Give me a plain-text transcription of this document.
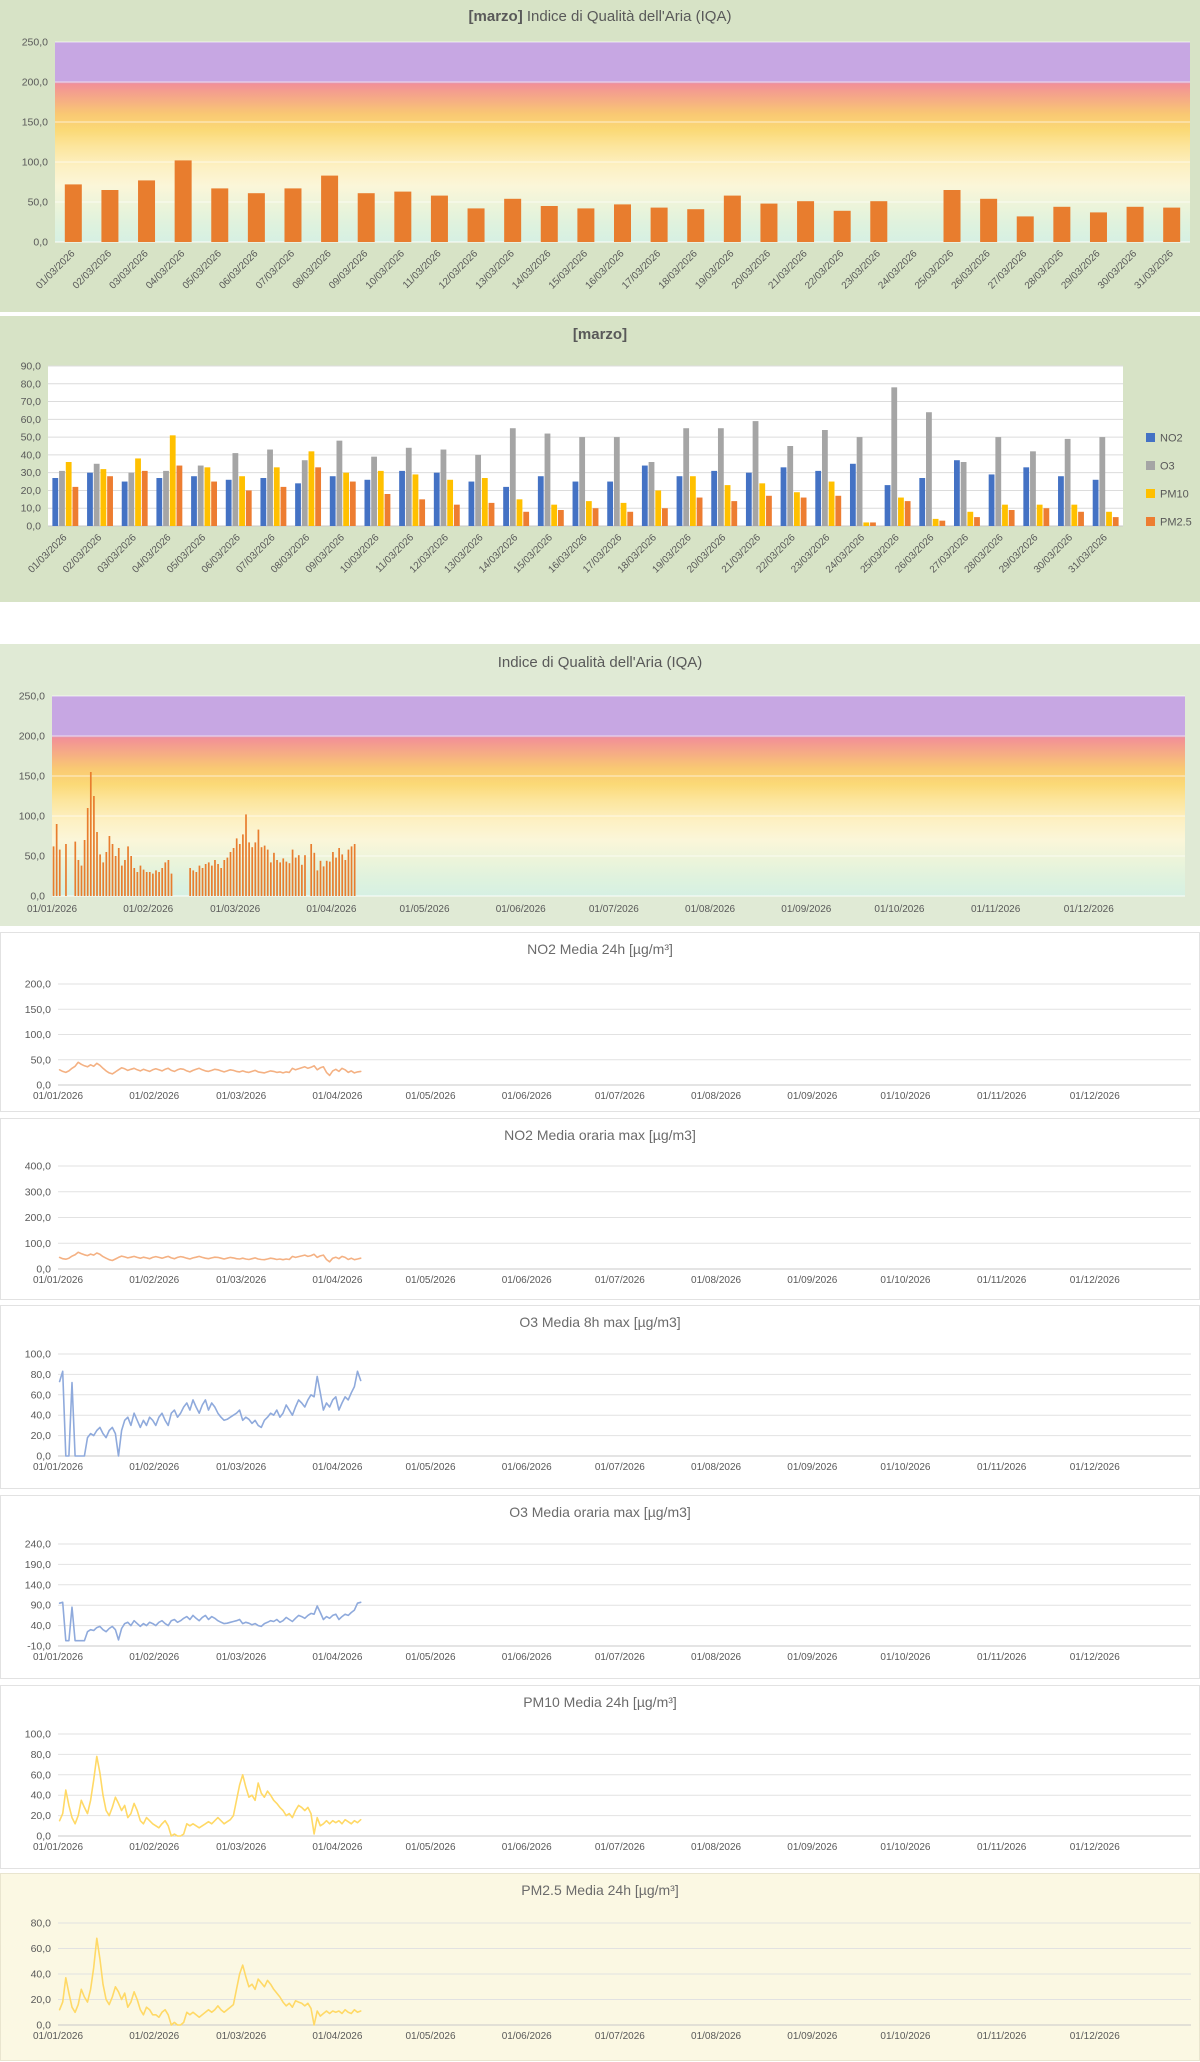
[marzo] Indice di Qualità dell'Aria (IQA)
0,0
50,0
100,0
150,0
200,0
250,0
01/03/2026
02/03/2026
03/03/2026
04/03/2026
05/03/2026
06/03/2026
07/03/2026
08/03/2026
09/03/2026
10/03/2026
11/03/2026
12/03/2026
13/03/2026
14/03/2026
15/03/2026
16/03/2026
17/03/2026
18/03/2026
19/03/2026
20/03/2026
21/03/2026
22/03/2026
23/03/2026
24/03/2026
25/03/2026
26/03/2026
27/03/2026
28/03/2026
29/03/2026
30/03/2026
31/03/2026
[marzo]
0,0
10,0
20,0
30,0
40,0
50,0
60,0
70,0
80,0
90,0
01/03/2026
02/03/2026
03/03/2026
04/03/2026
05/03/2026
06/03/2026
07/03/2026
08/03/2026
09/03/2026
10/03/2026
11/03/2026
12/03/2026
13/03/2026
14/03/2026
15/03/2026
16/03/2026
17/03/2026
18/03/2026
19/03/2026
20/03/2026
21/03/2026
22/03/2026
23/03/2026
24/03/2026
25/03/2026
26/03/2026
27/03/2026
28/03/2026
29/03/2026
30/03/2026
31/03/2026
NO2
O3
PM10
PM2.5
Indice di Qualità dell'Aria (IQA)
0,0
50,0
100,0
150,0
200,0
250,0
01/01/2026	01/02/2026	01/03/2026	01/04/2026	01/05/2026	01/06/2026	01/07/2026	01/08/2026	01/09/2026	01/10/2026	01/11/2026	01/12/2026
NO2 Media 24h [µg/m³]
0,0
50,0
100,0
150,0
200,0
01/01/2026	01/02/2026	01/03/2026	01/04/2026	01/05/2026	01/06/2026	01/07/2026	01/08/2026	01/09/2026	01/10/2026	01/11/2026	01/12/2026
NO2 Media oraria max [µg/m3]
0,0
100,0
200,0
300,0
400,0
01/01/2026	01/02/2026	01/03/2026	01/04/2026	01/05/2026	01/06/2026	01/07/2026	01/08/2026	01/09/2026	01/10/2026	01/11/2026	01/12/2026
O3 Media 8h max [µg/m3]
0,0
20,0
40,0
60,0
80,0
100,0
01/01/2026	01/02/2026	01/03/2026	01/04/2026	01/05/2026	01/06/2026	01/07/2026	01/08/2026	01/09/2026	01/10/2026	01/11/2026	01/12/2026
O3 Media oraria max [µg/m3]
-10,0
40,0
90,0
140,0
190,0
240,0
01/01/2026	01/02/2026	01/03/2026	01/04/2026	01/05/2026	01/06/2026	01/07/2026	01/08/2026	01/09/2026	01/10/2026	01/11/2026	01/12/2026
PM10 Media 24h [µg/m³]
0,0
20,0
40,0
60,0
80,0
100,0
01/01/2026	01/02/2026	01/03/2026	01/04/2026	01/05/2026	01/06/2026	01/07/2026	01/08/2026	01/09/2026	01/10/2026	01/11/2026	01/12/2026
PM2.5 Media 24h [µg/m³]
0,0
20,0
40,0
60,0
80,0
01/01/2026	01/02/2026	01/03/2026	01/04/2026	01/05/2026	01/06/2026	01/07/2026	01/08/2026	01/09/2026	01/10/2026	01/11/2026	01/12/2026
